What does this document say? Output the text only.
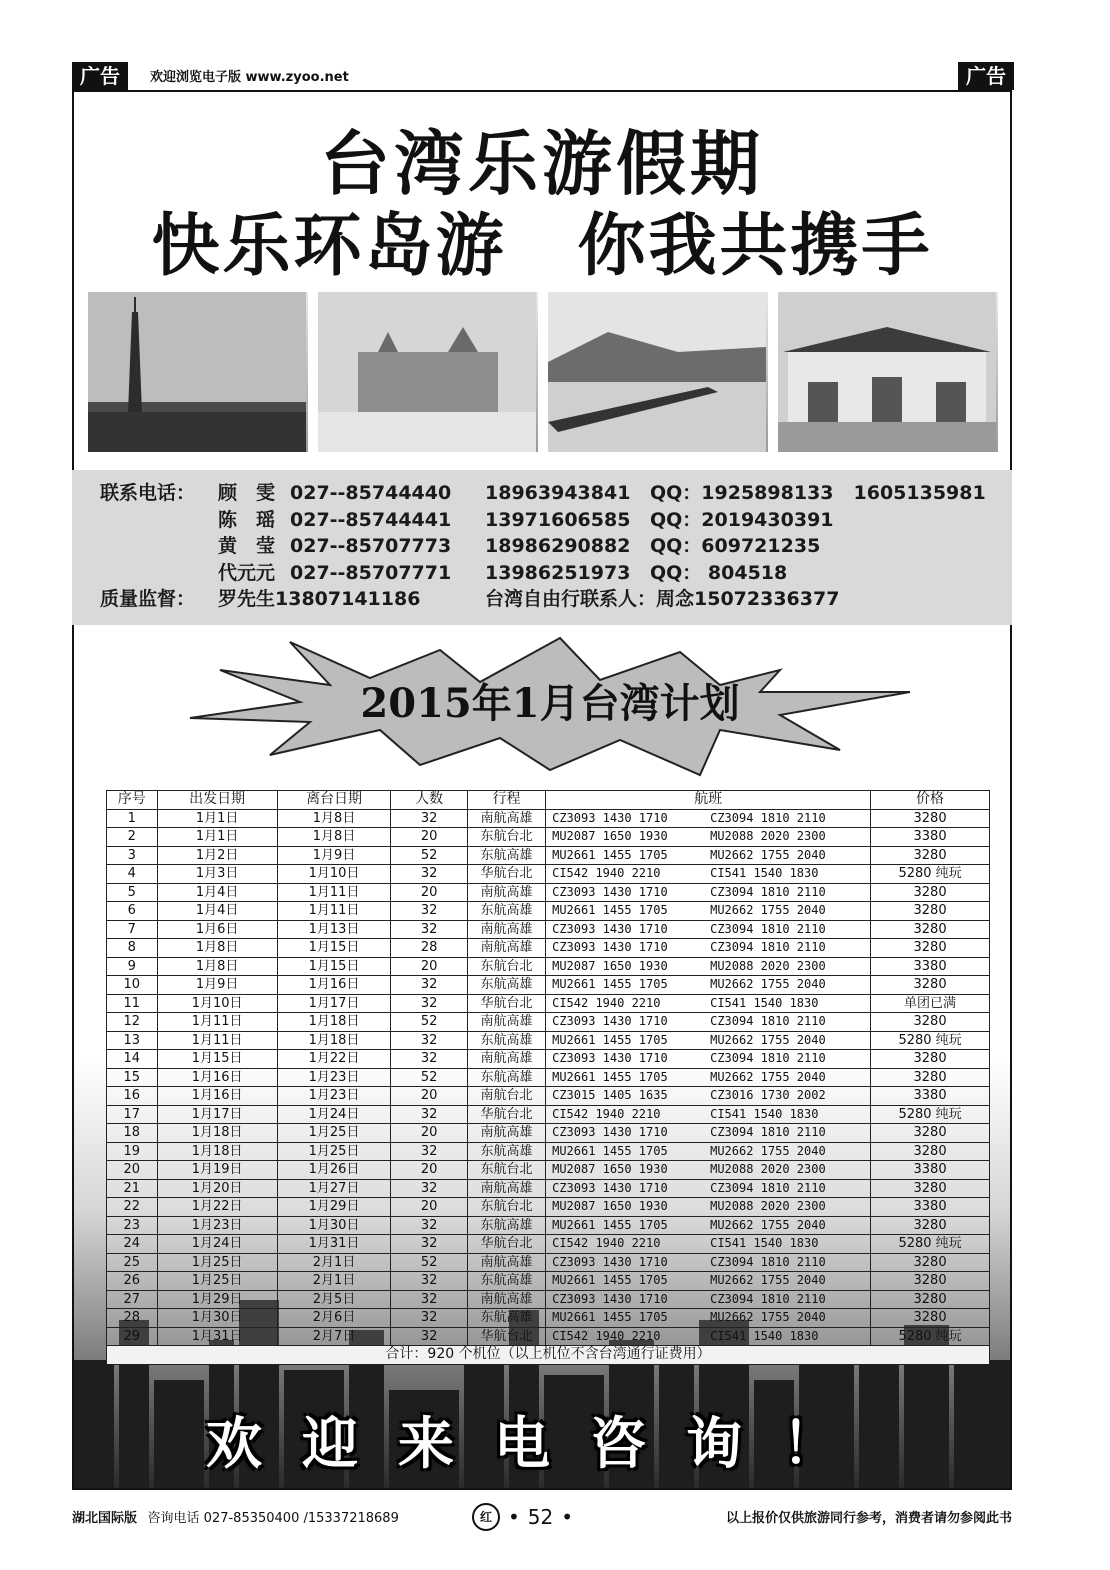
广告	欢迎浏览电子版 www.zyoo.net	广告
台湾乐游假期
快乐环岛游　你我共携手
联系电话：	顾　雯 027--85744440	18963943841	QQ：1925898133 1605135981
陈　瑶 027--85744441	13971606585	QQ：2019430391
黄　莹 027--85707773	18986290882	QQ：609721235
代元元 027--85707771	13986251973	QQ： 804518
质量监督：	罗先生13807141186	台湾自由行联系人：周念15072336377
2015年1月台湾计划
序号	出发日期	离台日期	人数	行程	航班	价格
1	1月1日	1月8日	32	南航高雄	CZ3093 1430 1710 CZ3094 1810 2110	3280
2	1月1日	1月8日	20	东航台北	MU2087 1650 1930 MU2088 2020 2300	3380
3	1月2日	1月9日	52	东航高雄	MU2661 1455 1705 MU2662 1755 2040	3280
4	1月3日	1月10日	32	华航台北	CI542 1940 2210 CI541 1540 1830	5280 纯玩
5	1月4日	1月11日	20	南航高雄	CZ3093 1430 1710 CZ3094 1810 2110	3280
6	1月4日	1月11日	32	东航高雄	MU2661 1455 1705 MU2662 1755 2040	3280
7	1月6日	1月13日	32	南航高雄	CZ3093 1430 1710 CZ3094 1810 2110	3280
8	1月8日	1月15日	28	南航高雄	CZ3093 1430 1710 CZ3094 1810 2110	3280
9	1月8日	1月15日	20	东航台北	MU2087 1650 1930 MU2088 2020 2300	3380
10	1月9日	1月16日	32	东航高雄	MU2661 1455 1705 MU2662 1755 2040	3280
11	1月10日	1月17日	32	华航台北	CI542 1940 2210 CI541 1540 1830	单团已满
12	1月11日	1月18日	52	南航高雄	CZ3093 1430 1710 CZ3094 1810 2110	3280
13	1月11日	1月18日	32	东航高雄	MU2661 1455 1705 MU2662 1755 2040	5280 纯玩
14	1月15日	1月22日	32	南航高雄	CZ3093 1430 1710 CZ3094 1810 2110	3280
15	1月16日	1月23日	52	东航高雄	MU2661 1455 1705 MU2662 1755 2040	3280
16	1月16日	1月23日	20	南航台北	CZ3015 1405 1635 CZ3016 1730 2002	3380
17	1月17日	1月24日	32	华航台北	CI542 1940 2210 CI541 1540 1830	5280 纯玩
18	1月18日	1月25日	20	南航高雄	CZ3093 1430 1710 CZ3094 1810 2110	3280
19	1月18日	1月25日	32	东航高雄	MU2661 1455 1705 MU2662 1755 2040	3280
20	1月19日	1月26日	20	东航台北	MU2087 1650 1930 MU2088 2020 2300	3380
21	1月20日	1月27日	32	南航高雄	CZ3093 1430 1710 CZ3094 1810 2110	3280
22	1月22日	1月29日	20	东航台北	MU2087 1650 1930 MU2088 2020 2300	3380
23	1月23日	1月30日	32	东航高雄	MU2661 1455 1705 MU2662 1755 2040	3280
24	1月24日	1月31日	32	华航台北	CI542 1940 2210 CI541 1540 1830	5280 纯玩
25	1月25日	2月1日	52	南航高雄	CZ3093 1430 1710 CZ3094 1810 2110	3280
26	1月25日	2月1日	32	东航高雄	MU2661 1455 1705 MU2662 1755 2040	3280
27	1月29日	2月5日	32	南航高雄	CZ3093 1430 1710 CZ3094 1810 2110	3280
28	1月30日	2月6日	32	东航高雄	MU2661 1455 1705 MU2662 1755 2040	3280
29	1月31日	2月7日	32	华航台北	CI542 1940 2210 CI541 1540 1830	5280 纯玩
合计：920 个机位（以上机位不含台湾通行证费用）						
欢迎来电咨询！
湖北国际版 咨询电话 027-85350400 /15337218689	红 • 52 •	以上报价仅供旅游同行参考，消费者请勿参阅此书
